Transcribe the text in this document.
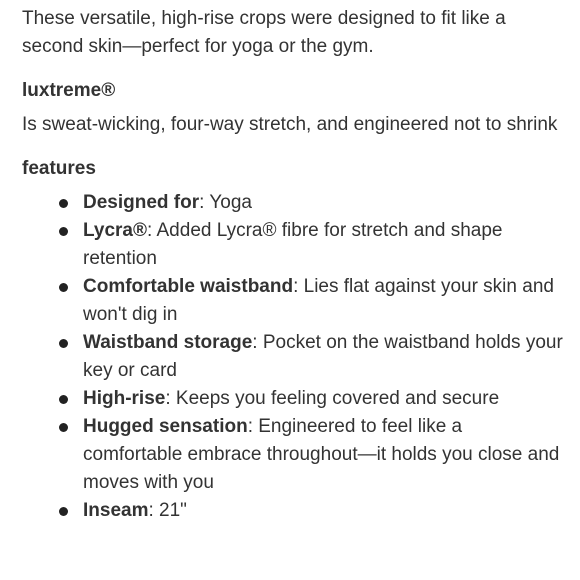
These versatile, high-rise crops were designed to fit like a second skin—perfect for yoga or the gym.

luxtreme®

Is sweat-wicking, four-way stretch, and engineered not to shrink

features

Designed for: Yoga
Lycra®: Added Lycra® fibre for stretch and shape retention
Comfortable waistband: Lies flat against your skin and won't dig in
Waistband storage: Pocket on the waistband holds your key or card
High-rise: Keeps you feeling covered and secure
Hugged sensation: Engineered to feel like a comfortable embrace throughout—it holds you close and moves with you
Inseam: 21"
